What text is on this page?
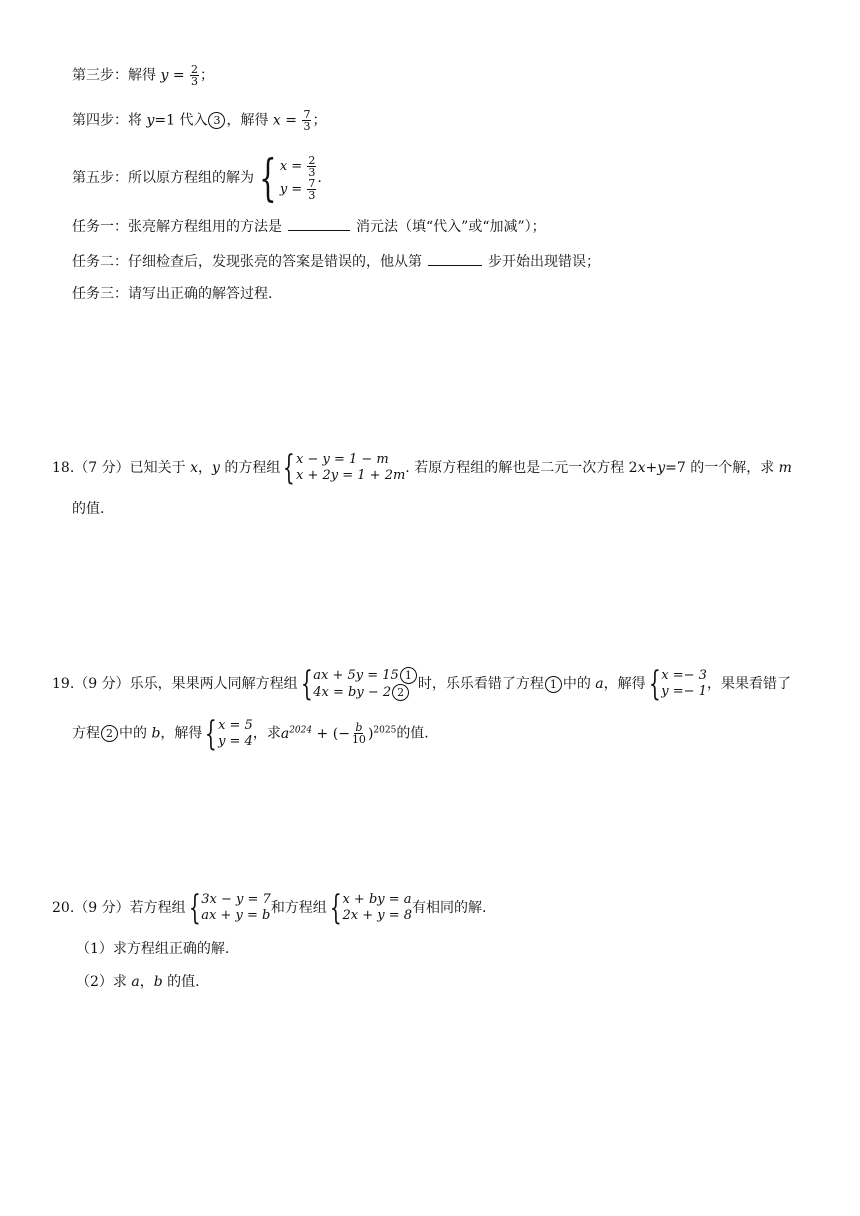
第三步：解得 $y = \frac{2}{3}$ ；
第四步：将 y=1 代入 3 ，解得 $x = \frac{7}{3}$ ；
第五步：所以原方程组的解为 { $x = \frac{2}{3}$
$y = \frac{7}{3}$ .
任务一：张亮解方程组用的方法是	消元法（填“代入”或“加减”）；
任务二：仔细检查后，发现张亮的答案是错误的，他从第	步开始出现错误；
任务三：请写出正确的解答过程.
18.（7 分）已知关于 x，y 的方程组 { x − y = 1 − m
x + 2y = 1 + 2m . 若原方程组的解也是二元一次方程 2x+y=7 的一个解，求 m
的值.
19.（9 分）乐乐，果果两人同解方程组 { ax + 5y = 15 1
4x = by − 2 2
时，乐乐看错了方程 1 中的 a，解得 { x =− 3
y =− 1 ，果果看错了
方程 2 中的 b，解得 { x = 5
y = 4 ，求$a^{2024}$ + (− $\frac{b}{10} )^{2025}$的值.
20.（9 分）若方程组 { 3x − y = 7
ax + y = b 和方程组 { x + by = a
2x + y = 8 有相同的解.
（1）求方程组正确的解.
（2）求 a，b 的值.
